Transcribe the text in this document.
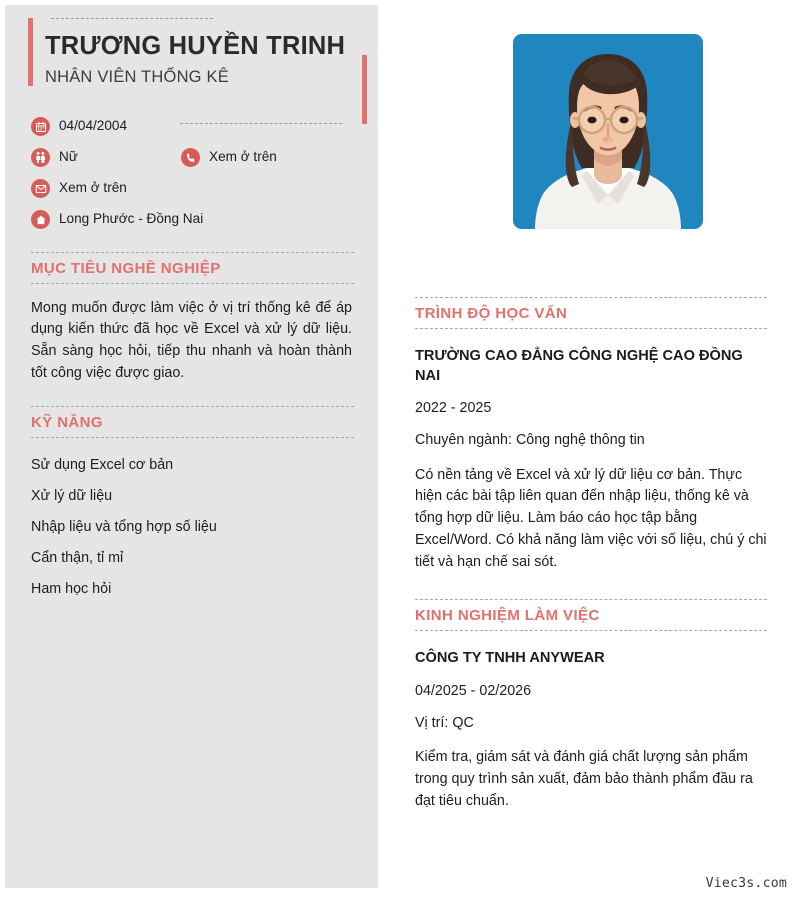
TRƯƠNG HUYỀN TRINH

NHÂN VIÊN THỐNG KÊ

04/04/2004
Nữ	Xem ở trên
Xem ở trên
Long Phước - Đồng Nai
MỤC TIÊU NGHỀ NGHIỆP

Mong muốn được làm việc ở vị trí thống kê để áp dụng kiến thức đã học về Excel và xử lý dữ liệu. Sẵn sàng học hỏi, tiếp thu nhanh và hoàn thành tốt công việc được giao.

KỸ NĂNG
Sử dụng Excel cơ bản
Xử lý dữ liệu
Nhập liệu và tổng hợp số liệu
Cẩn thận, tỉ mỉ
Ham học hỏi
TRÌNH ĐỘ HỌC VẤN
TRƯỜNG CAO ĐẲNG CÔNG NGHỆ CAO ĐỒNG NAI

2022 - 2025

Chuyên ngành: Công nghệ thông tin

Có nền tảng về Excel và xử lý dữ liệu cơ bản. Thực hiện các bài tập liên quan đến nhập liệu, thống kê và tổng hợp dữ liệu. Làm báo cáo học tập bằng Excel/Word. Có khả năng làm việc với số liệu, chú ý chi tiết và hạn chế sai sót.

KINH NGHIỆM LÀM VIỆC
CÔNG TY TNHH ANYWEAR

04/2025 - 02/2026

Vị trí: QC

Kiểm tra, giám sát và đánh giá chất lượng sản phẩm trong quy trình sản xuất, đảm bảo thành phẩm đầu ra đạt tiêu chuẩn.

Viec3s.com
